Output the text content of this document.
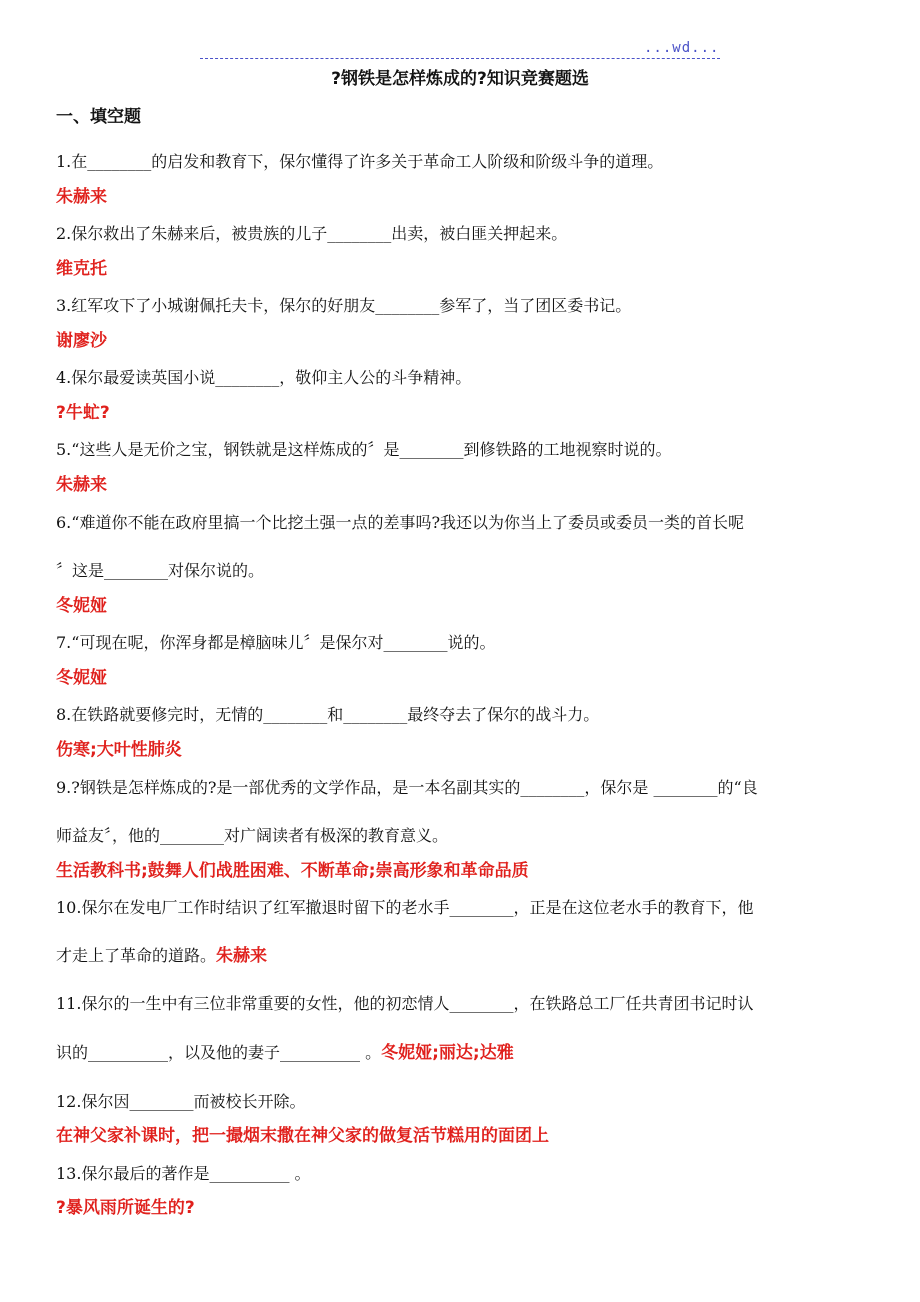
...wd...
?钢铁是怎样炼成的?知识竞赛题选
一、填空题
1.在________的启发和教育下，保尔懂得了许多关于革命工人阶级和阶级斗争的道理。
朱赫来
2.保尔救出了朱赫来后，被贵族的儿子________出卖，被白匪关押起来。
维克托
3.红军攻下了小城谢佩托夫卡，保尔的好朋友________参军了，当了团区委书记。
谢廖沙
4.保尔最爱读英国小说________，敬仰主人公的斗争精神。
?牛虻?
5.“这些人是无价之宝，钢铁就是这样炼成的〞是________到修铁路的工地视察时说的。
朱赫来
6.“难道你不能在政府里搞一个比挖土强一点的差事吗?我还以为你当上了委员或委员一类的首长呢
〞这是________对保尔说的。
冬妮娅
7.“可现在呢，你浑身都是樟脑味儿〞是保尔对________说的。
冬妮娅
8.在铁路就要修完时，无情的________和________最终夺去了保尔的战斗力。
伤寒;大叶性肺炎
9.?钢铁是怎样炼成的?是一部优秀的文学作品，是一本名副其实的________，保尔是 ________的“良
师益友〞，他的________对广阔读者有极深的教育意义。
生活教科书;鼓舞人们战胜困难、不断革命;崇高形象和革命品质
10.保尔在发电厂工作时结识了红军撤退时留下的老水手________，正是在这位老水手的教育下，他
才走上了革命的道路。朱赫来
11.保尔的一生中有三位非常重要的女性，他的初恋情人________，在铁路总工厂任共青团书记时认
识的__________，以及他的妻子__________ 。冬妮娅;丽达;达雅
12.保尔因________而被校长开除。
在神父家补课时，把一撮烟末撒在神父家的做复活节糕用的面团上
13.保尔最后的著作是__________ 。
?暴风雨所诞生的?
